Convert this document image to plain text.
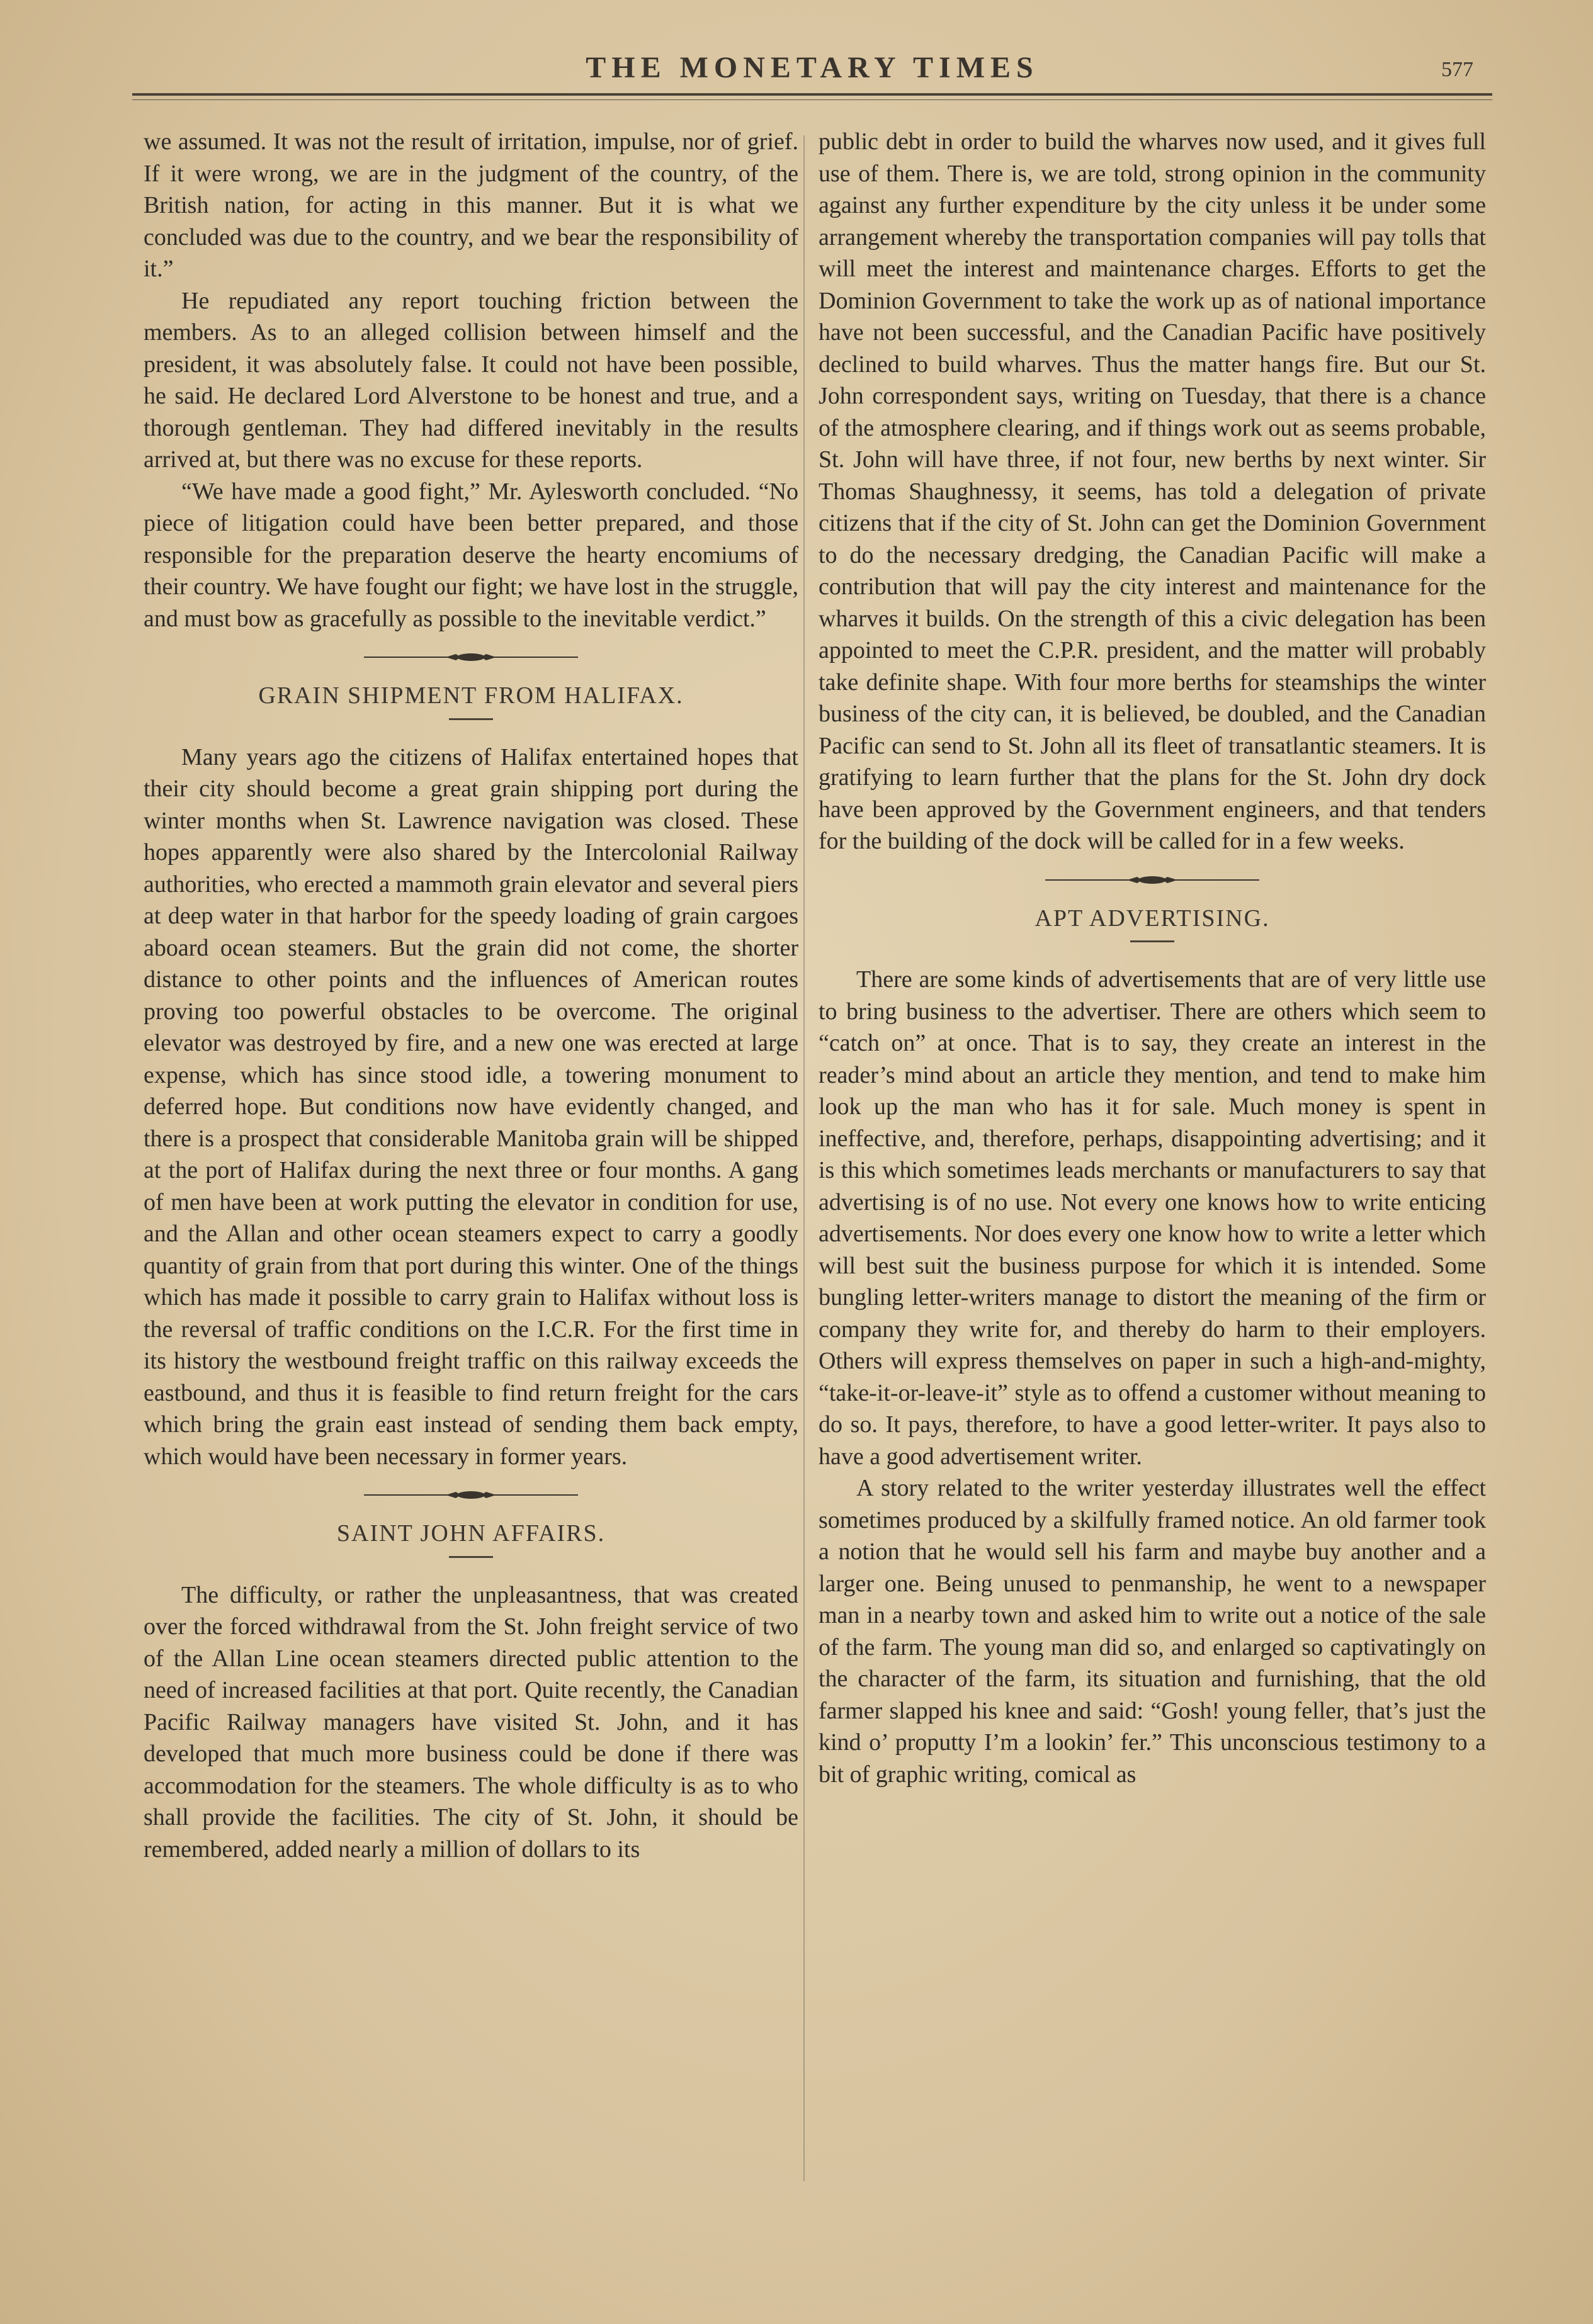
THE MONETARY TIMES	577

we assumed. It was not the result of irritation, impulse, nor of grief. If it were wrong, we are in the judgment of the country, of the British nation, for acting in this manner. But it is what we concluded was due to the country, and we bear the responsibility of it.”

He repudiated any report touching friction between the members. As to an alleged collision between himself and the president, it was absolutely false. It could not have been possible, he said. He declared Lord Alverstone to be honest and true, and a thorough gentleman. They had differed inevitably in the results arrived at, but there was no excuse for these reports.

“We have made a good fight,” Mr. Aylesworth concluded. “No piece of litigation could have been better prepared, and those responsible for the preparation deserve the hearty encomiums of their country. We have fought our fight; we have lost in the struggle, and must bow as gracefully as possible to the inevitable verdict.”

GRAIN SHIPMENT FROM HALIFAX.

Many years ago the citizens of Halifax entertained hopes that their city should become a great grain shipping port during the winter months when St. Lawrence navigation was closed. These hopes apparently were also shared by the Intercolonial Railway authorities, who erected a mammoth grain elevator and several piers at deep water in that harbor for the speedy loading of grain cargoes aboard ocean steamers. But the grain did not come, the shorter distance to other points and the influences of American routes proving too powerful obstacles to be overcome. The original elevator was destroyed by fire, and a new one was erected at large expense, which has since stood idle, a towering monument to deferred hope. But conditions now have evidently changed, and there is a prospect that considerable Manitoba grain will be shipped at the port of Halifax during the next three or four months. A gang of men have been at work putting the elevator in condition for use, and the Allan and other ocean steamers expect to carry a goodly quantity of grain from that port during this winter. One of the things which has made it possible to carry grain to Halifax without loss is the reversal of traffic conditions on the I.C.R. For the first time in its history the westbound freight traffic on this railway exceeds the eastbound, and thus it is feasible to find return freight for the cars which bring the grain east instead of sending them back empty, which would have been necessary in former years.

SAINT JOHN AFFAIRS.

The difficulty, or rather the unpleasantness, that was created over the forced withdrawal from the St. John freight service of two of the Allan Line ocean steamers directed public attention to the need of increased facilities at that port. Quite recently, the Canadian Pacific Railway managers have visited St. John, and it has developed that much more business could be done if there was accommodation for the steamers. The whole difficulty is as to who shall provide the facilities. The city of St. John, it should be remembered, added nearly a million of dollars to its

public debt in order to build the wharves now used, and it gives full use of them. There is, we are told, strong opinion in the community against any further expenditure by the city unless it be under some arrangement whereby the transportation companies will pay tolls that will meet the interest and maintenance charges. Efforts to get the Dominion Government to take the work up as of national importance have not been successful, and the Canadian Pacific have positively declined to build wharves. Thus the matter hangs fire. But our St. John correspondent says, writing on Tuesday, that there is a chance of the atmosphere clearing, and if things work out as seems probable, St. John will have three, if not four, new berths by next winter. Sir Thomas Shaughnessy, it seems, has told a delegation of private citizens that if the city of St. John can get the Dominion Government to do the necessary dredging, the Canadian Pacific will make a contribution that will pay the city interest and maintenance for the wharves it builds. On the strength of this a civic delegation has been appointed to meet the C.P.R. president, and the matter will probably take definite shape. With four more berths for steamships the winter business of the city can, it is believed, be doubled, and the Canadian Pacific can send to St. John all its fleet of transatlantic steamers. It is gratifying to learn further that the plans for the St. John dry dock have been approved by the Government engineers, and that tenders for the building of the dock will be called for in a few weeks.

APT ADVERTISING.

There are some kinds of advertisements that are of very little use to bring business to the advertiser. There are others which seem to “catch on” at once. That is to say, they create an interest in the reader’s mind about an article they mention, and tend to make him look up the man who has it for sale. Much money is spent in ineffective, and, therefore, perhaps, disappointing advertising; and it is this which sometimes leads merchants or manufacturers to say that advertising is of no use. Not every one knows how to write enticing advertisements. Nor does every one know how to write a letter which will best suit the business purpose for which it is intended. Some bungling letter-writers manage to distort the meaning of the firm or company they write for, and thereby do harm to their employers. Others will express themselves on paper in such a high-and-mighty, “take-it-or-leave-it” style as to offend a customer without meaning to do so. It pays, therefore, to have a good letter-writer. It pays also to have a good advertisement writer.

A story related to the writer yesterday illustrates well the effect sometimes produced by a skilfully framed notice. An old farmer took a notion that he would sell his farm and maybe buy another and a larger one. Being unused to penmanship, he went to a newspaper man in a nearby town and asked him to write out a notice of the sale of the farm. The young man did so, and enlarged so captivatingly on the character of the farm, its situation and furnishing, that the old farmer slapped his knee and said: “Gosh! young feller, that’s just the kind o’ proputty I’m a lookin’ fer.” This unconscious testimony to a bit of graphic writing, comical as
